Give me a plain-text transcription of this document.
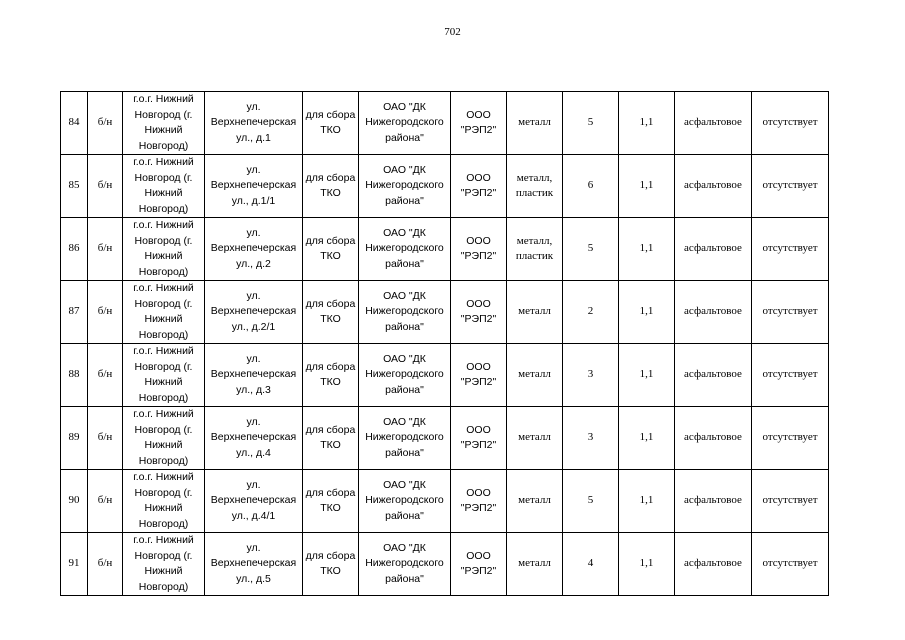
702
84	б/н	г.о.г. Нижний
Новгород (г.
Нижний
Новгород)	ул.
Верхнепечерская
ул., д.1	для сбора
ТКО	ОАО "ДК
Нижегородского
района"	ООО
"РЭП2"	металл	5	1,1	асфальтовое	отсутствует

85	б/н	г.о.г. Нижний
Новгород (г.
Нижний
Новгород)	ул.
Верхнепечерская
ул., д.1/1	для сбора
ТКО	ОАО "ДК
Нижегородского
района"	ООО
"РЭП2"	металл,
пластик	6	1,1	асфальтовое	отсутствует

86	б/н	г.о.г. Нижний
Новгород (г.
Нижний
Новгород)	ул.
Верхнепечерская
ул., д.2	для сбора
ТКО	ОАО "ДК
Нижегородского
района"	ООО
"РЭП2"	металл,
пластик	5	1,1	асфальтовое	отсутствует

87	б/н	г.о.г. Нижний
Новгород (г.
Нижний
Новгород)	ул.
Верхнепечерская
ул., д.2/1	для сбора
ТКО	ОАО "ДК
Нижегородского
района"	ООО
"РЭП2"	металл	2	1,1	асфальтовое	отсутствует

88	б/н	г.о.г. Нижний
Новгород (г.
Нижний
Новгород)	ул.
Верхнепечерская
ул., д.3	для сбора
ТКО	ОАО "ДК
Нижегородского
района"	ООО
"РЭП2"	металл	3	1,1	асфальтовое	отсутствует

89	б/н	г.о.г. Нижний
Новгород (г.
Нижний
Новгород)	ул.
Верхнепечерская
ул., д.4	для сбора
ТКО	ОАО "ДК
Нижегородского
района"	ООО
"РЭП2"	металл	3	1,1	асфальтовое	отсутствует

90	б/н	г.о.г. Нижний
Новгород (г.
Нижний
Новгород)	ул.
Верхнепечерская
ул., д.4/1	для сбора
ТКО	ОАО "ДК
Нижегородского
района"	ООО
"РЭП2"	металл	5	1,1	асфальтовое	отсутствует

91	б/н	г.о.г. Нижний
Новгород (г.
Нижний
Новгород)	ул.
Верхнепечерская
ул., д.5	для сбора
ТКО	ОАО "ДК
Нижегородского
района"	ООО
"РЭП2"	металл	4	1,1	асфальтовое	отсутствует
